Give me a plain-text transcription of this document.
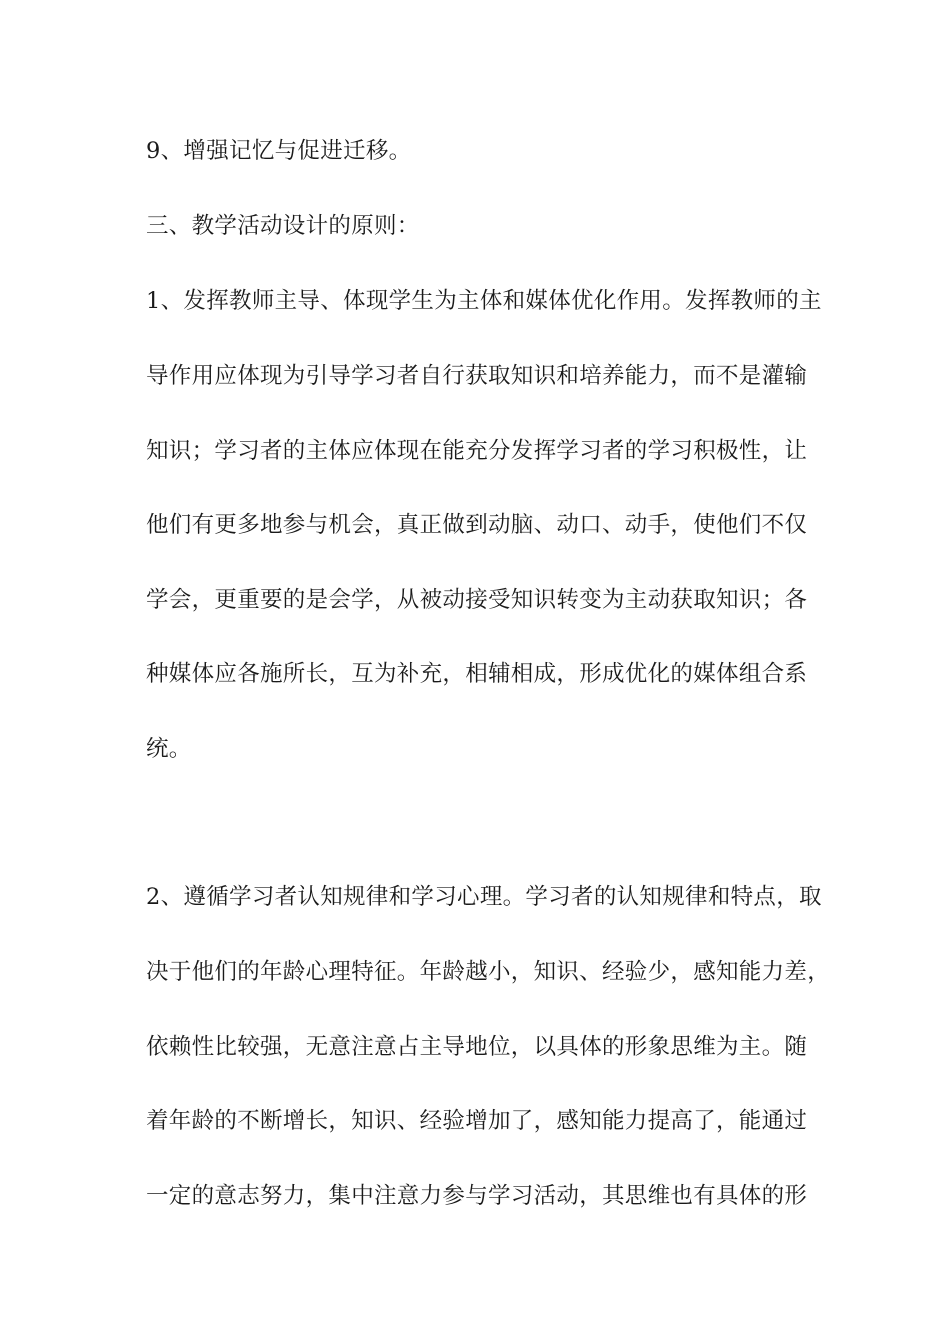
9、增强记忆与促进迁移。
三、教学活动设计的原则：
1、发挥教师主导、体现学生为主体和媒体优化作用。发挥教师的主
导作用应体现为引导学习者自行获取知识和培养能力，而不是灌输
知识；学习者的主体应体现在能充分发挥学习者的学习积极性，让
他们有更多地参与机会，真正做到动脑、动口、动手，使他们不仅
学会，更重要的是会学，从被动接受知识转变为主动获取知识；各
种媒体应各施所长，互为补充，相辅相成，形成优化的媒体组合系
统。
2、遵循学习者认知规律和学习心理。学习者的认知规律和特点，取
决于他们的年龄心理特征。年龄越小，知识、经验少，感知能力差，
依赖性比较强，无意注意占主导地位，以具体的形象思维为主。随
着年龄的不断增长，知识、经验增加了，感知能力提高了，能通过
一定的意志努力，集中注意力参与学习活动，其思维也有具体的形
